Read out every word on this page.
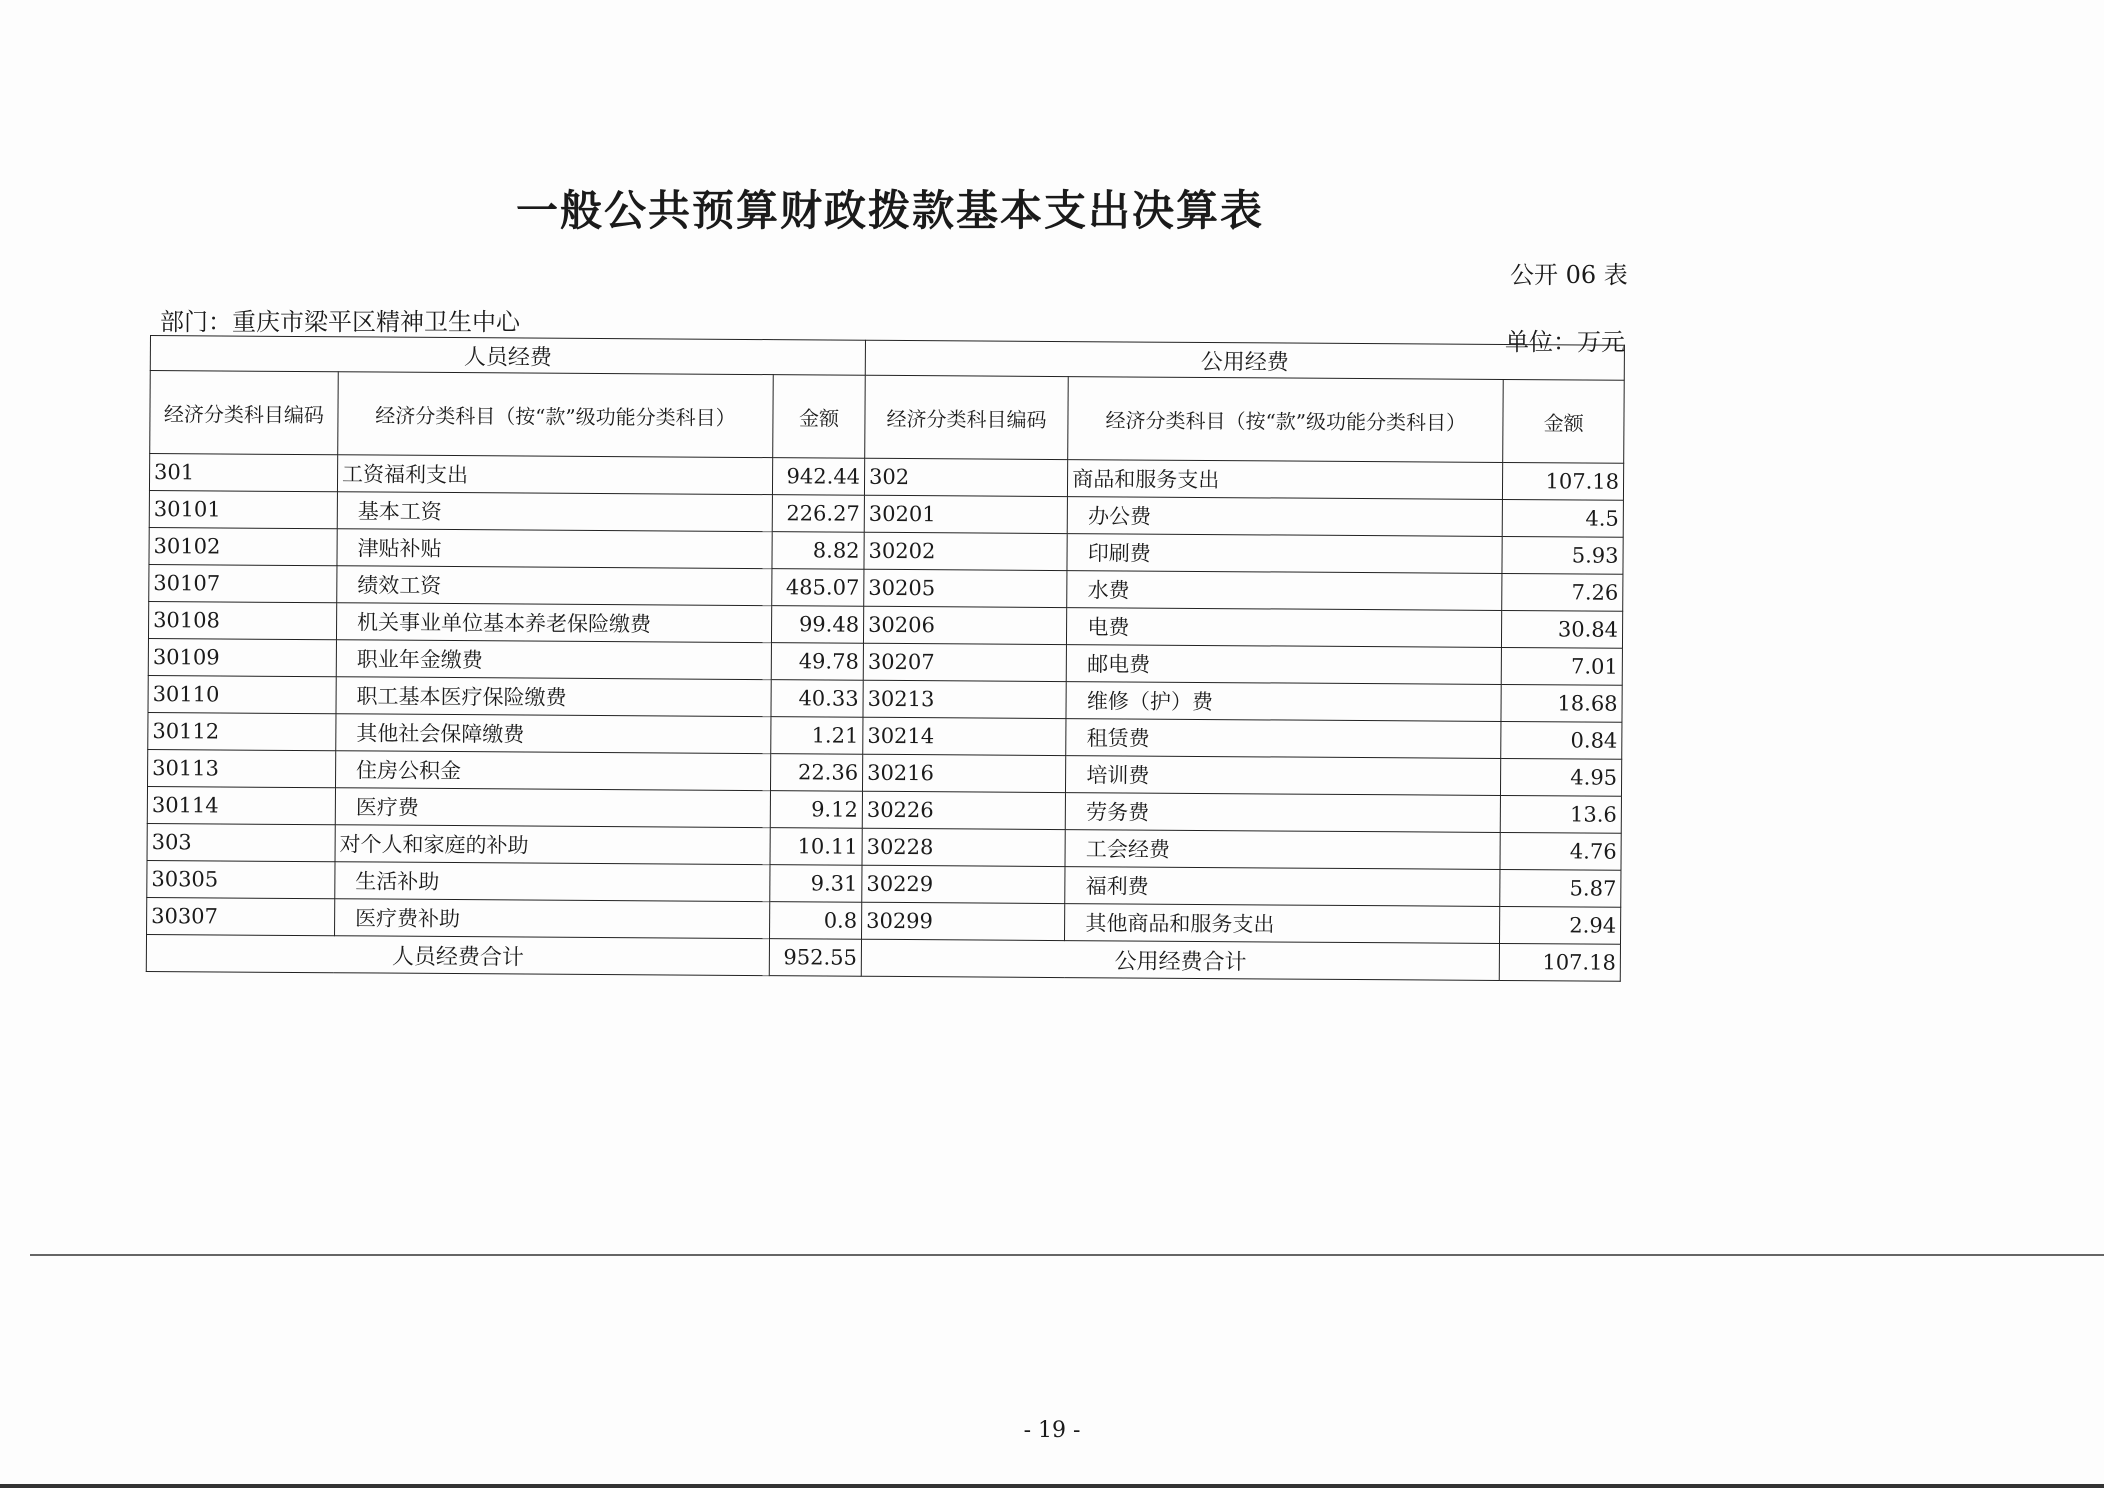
一般公共预算财政拨款基本支出决算表
公开 06 表
部门：重庆市梁平区精神卫生中心
单位：万元
人员经费			公用经费		
经济分类科目编码	经济分类科目（按“款”级功能分类科目）	金额	经济分类科目编码	经济分类科目（按“款”级功能分类科目）	金额
301	工资福利支出	942.44	302	商品和服务支出	107.18
30101	基本工资	226.27	30201	办公费	4.5
30102	津贴补贴	8.82	30202	印刷费	5.93
30107	绩效工资	485.07	30205	水费	7.26
30108	机关事业单位基本养老保险缴费	99.48	30206	电费	30.84
30109	职业年金缴费	49.78	30207	邮电费	7.01
30110	职工基本医疗保险缴费	40.33	30213	维修（护）费	18.68
30112	其他社会保障缴费	1.21	30214	租赁费	0.84
30113	住房公积金	22.36	30216	培训费	4.95
30114	医疗费	9.12	30226	劳务费	13.6
303	对个人和家庭的补助	10.11	30228	工会经费	4.76
30305	生活补助	9.31	30229	福利费	5.87
30307	医疗费补助	0.8	30299	其他商品和服务支出	2.94
人员经费合计		952.55	公用经费合计		107.18
- 19 -
